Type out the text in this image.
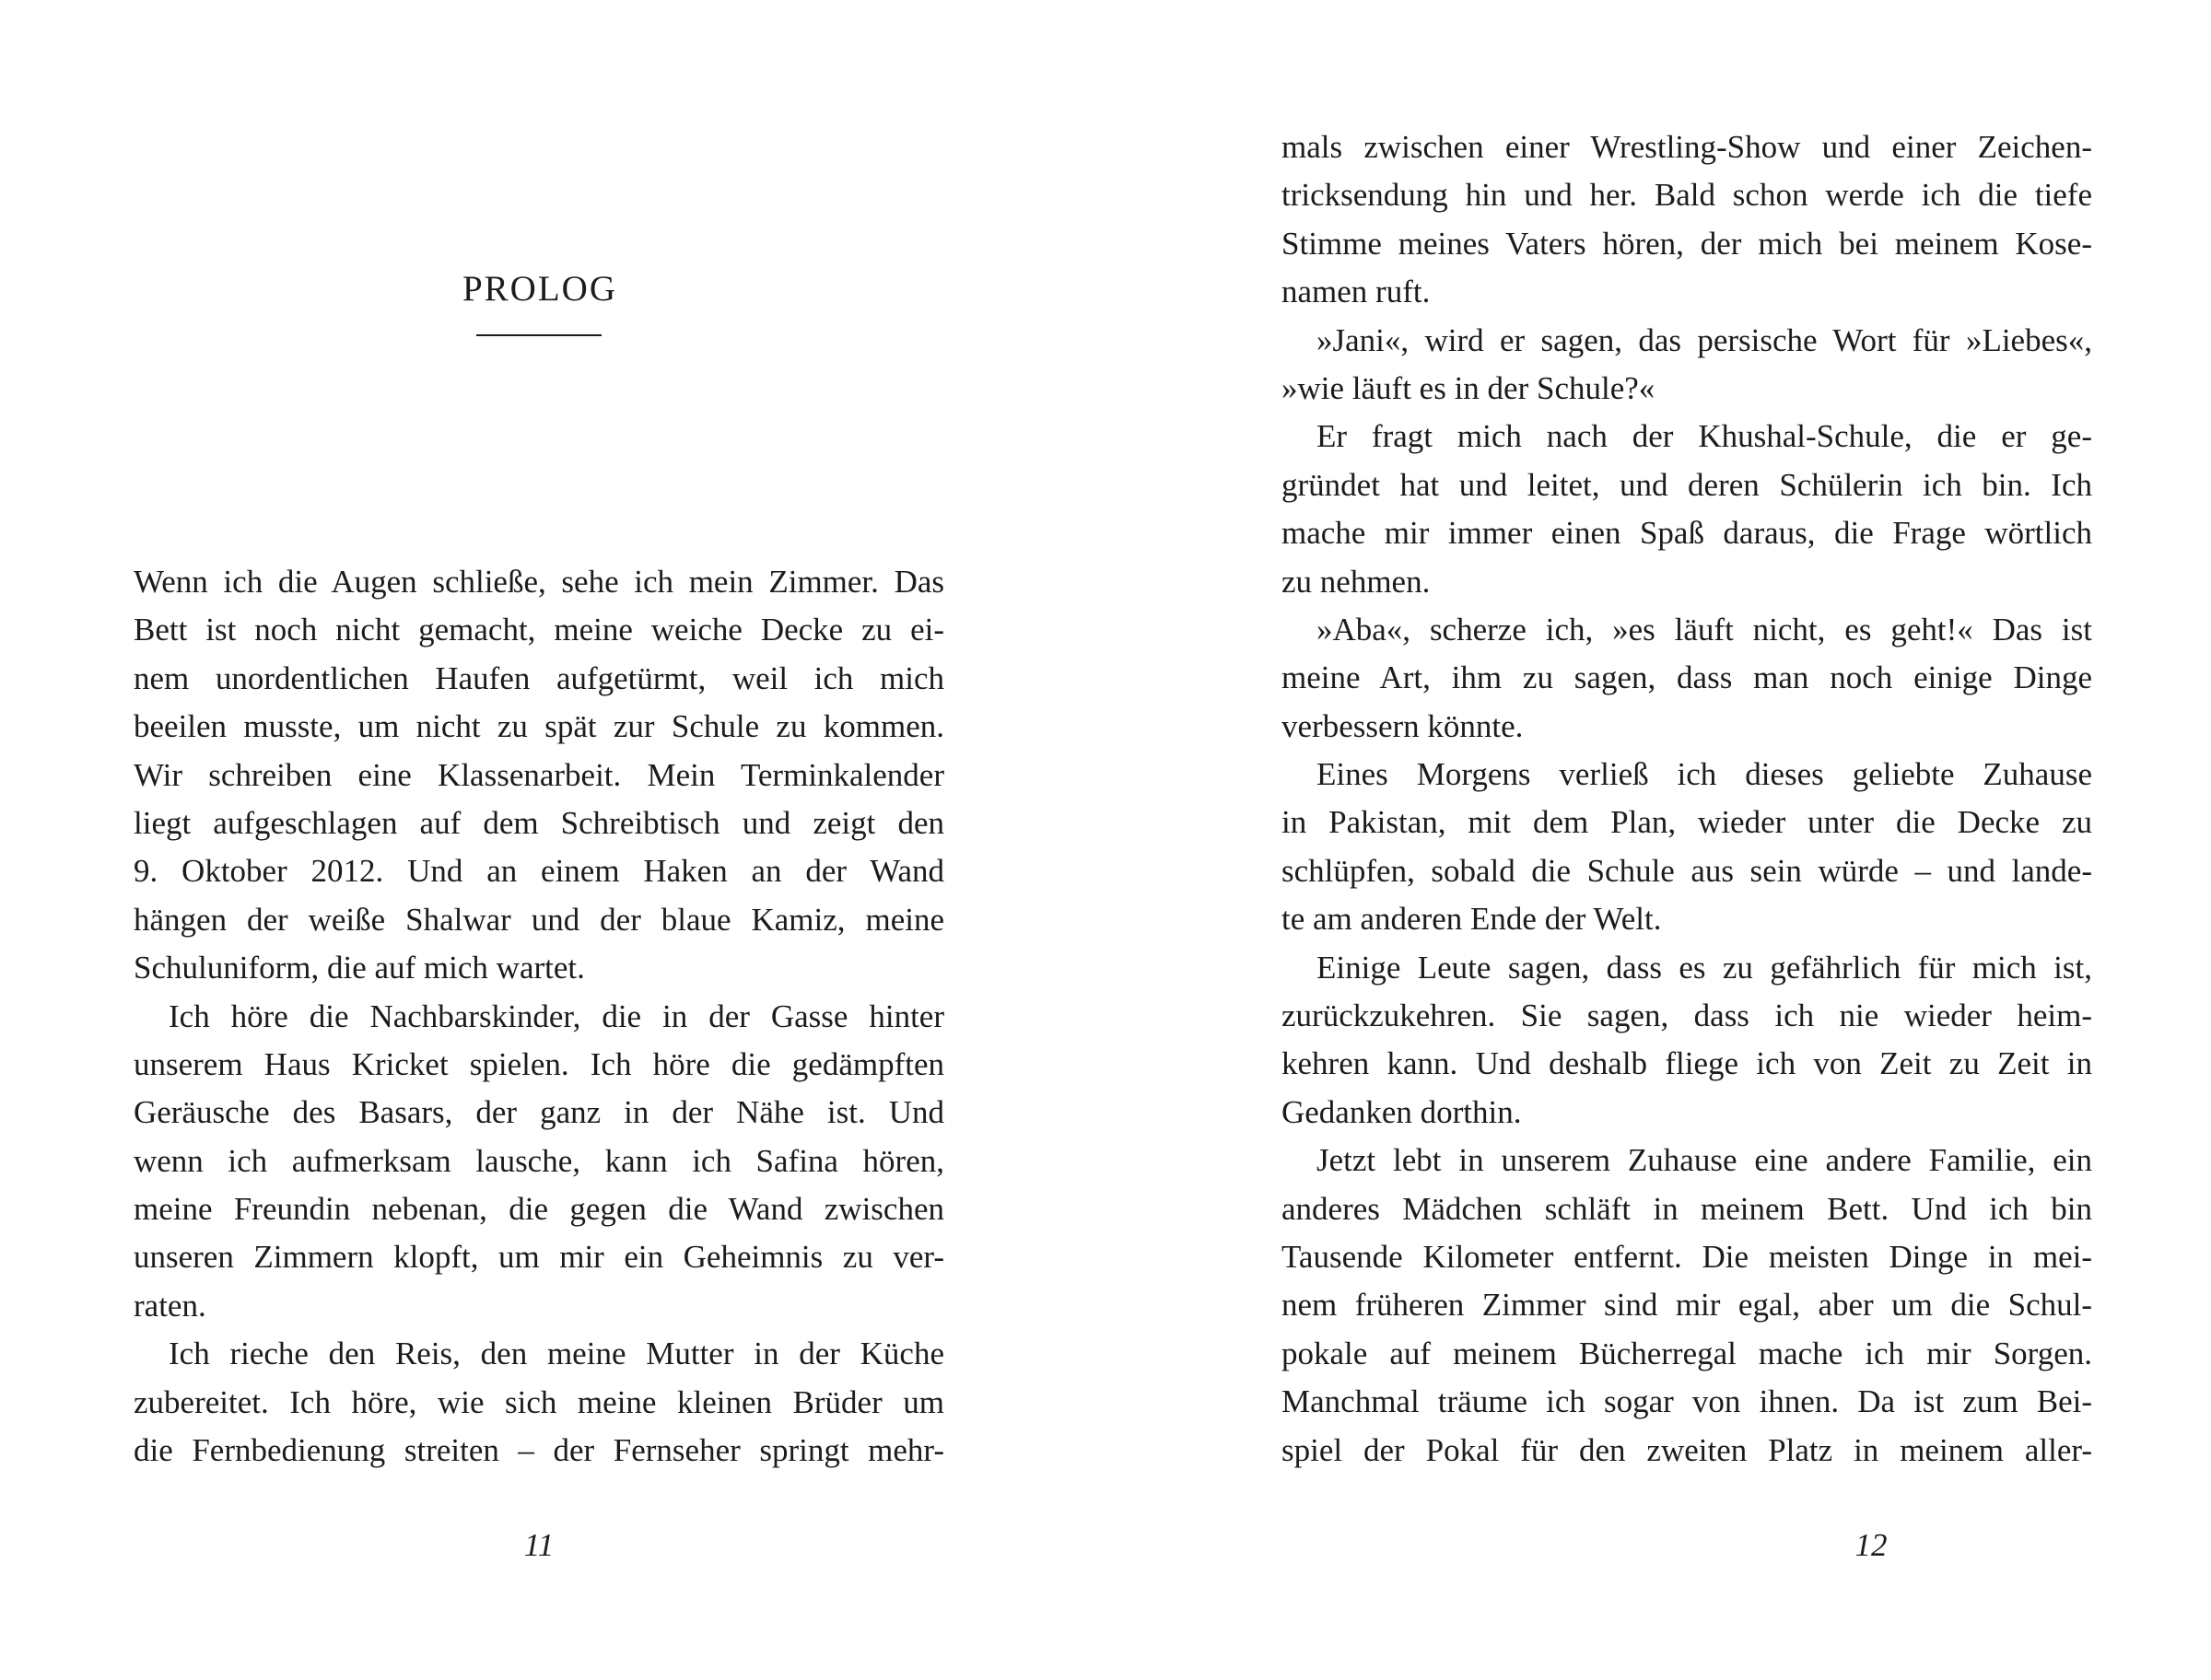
PROLOG
Wenn ich die Augen schließe, sehe ich mein Zimmer. Das
Bett ist noch nicht gemacht, meine weiche Decke zu ei-
nem unordentlichen Haufen aufgetürmt, weil ich mich
beeilen musste, um nicht zu spät zur Schule zu kommen.
Wir schreiben eine Klassenarbeit. Mein Terminkalender
liegt aufgeschlagen auf dem Schreibtisch und zeigt den
9. Oktober 2012. Und an einem Haken an der Wand
hängen der weiße Shalwar und der blaue Kamiz, meine
Schuluniform, die auf mich wartet.
Ich höre die Nachbarskinder, die in der Gasse hinter
unserem Haus Kricket spielen. Ich höre die gedämpften
Geräusche des Basars, der ganz in der Nähe ist. Und
wenn ich aufmerksam lausche, kann ich Safina hören,
meine Freundin nebenan, die gegen die Wand zwischen
unseren Zimmern klopft, um mir ein Geheimnis zu ver-
raten.
Ich rieche den Reis, den meine Mutter in der Küche
zubereitet. Ich höre, wie sich meine kleinen Brüder um
die Fernbedienung streiten – der Fernseher springt mehr-
11
mals zwischen einer Wrestling-Show und einer Zeichen-
tricksendung hin und her. Bald schon werde ich die tiefe
Stimme meines Vaters hören, der mich bei meinem Kose-
namen ruft.
»Jani«, wird er sagen, das persische Wort für »Liebes«,
»wie läuft es in der Schule?«
Er fragt mich nach der Khushal-Schule, die er ge-
gründet hat und leitet, und deren Schülerin ich bin. Ich
mache mir immer einen Spaß daraus, die Frage wörtlich
zu nehmen.
»Aba«, scherze ich, »es läuft nicht, es geht!« Das ist
meine Art, ihm zu sagen, dass man noch einige Dinge
verbessern könnte.
Eines Morgens verließ ich dieses geliebte Zuhause
in Pakistan, mit dem Plan, wieder unter die Decke zu
schlüpfen, sobald die Schule aus sein würde – und lande-
te am anderen Ende der Welt.
Einige Leute sagen, dass es zu gefährlich für mich ist,
zurückzukehren. Sie sagen, dass ich nie wieder heim-
kehren kann. Und deshalb fliege ich von Zeit zu Zeit in
Gedanken dorthin.
Jetzt lebt in unserem Zuhause eine andere Familie, ein
anderes Mädchen schläft in meinem Bett. Und ich bin
Tausende Kilometer entfernt. Die meisten Dinge in mei-
nem früheren Zimmer sind mir egal, aber um die Schul-
pokale auf meinem Bücherregal mache ich mir Sorgen.
Manchmal träume ich sogar von ihnen. Da ist zum Bei-
spiel der Pokal für den zweiten Platz in meinem aller-
12
